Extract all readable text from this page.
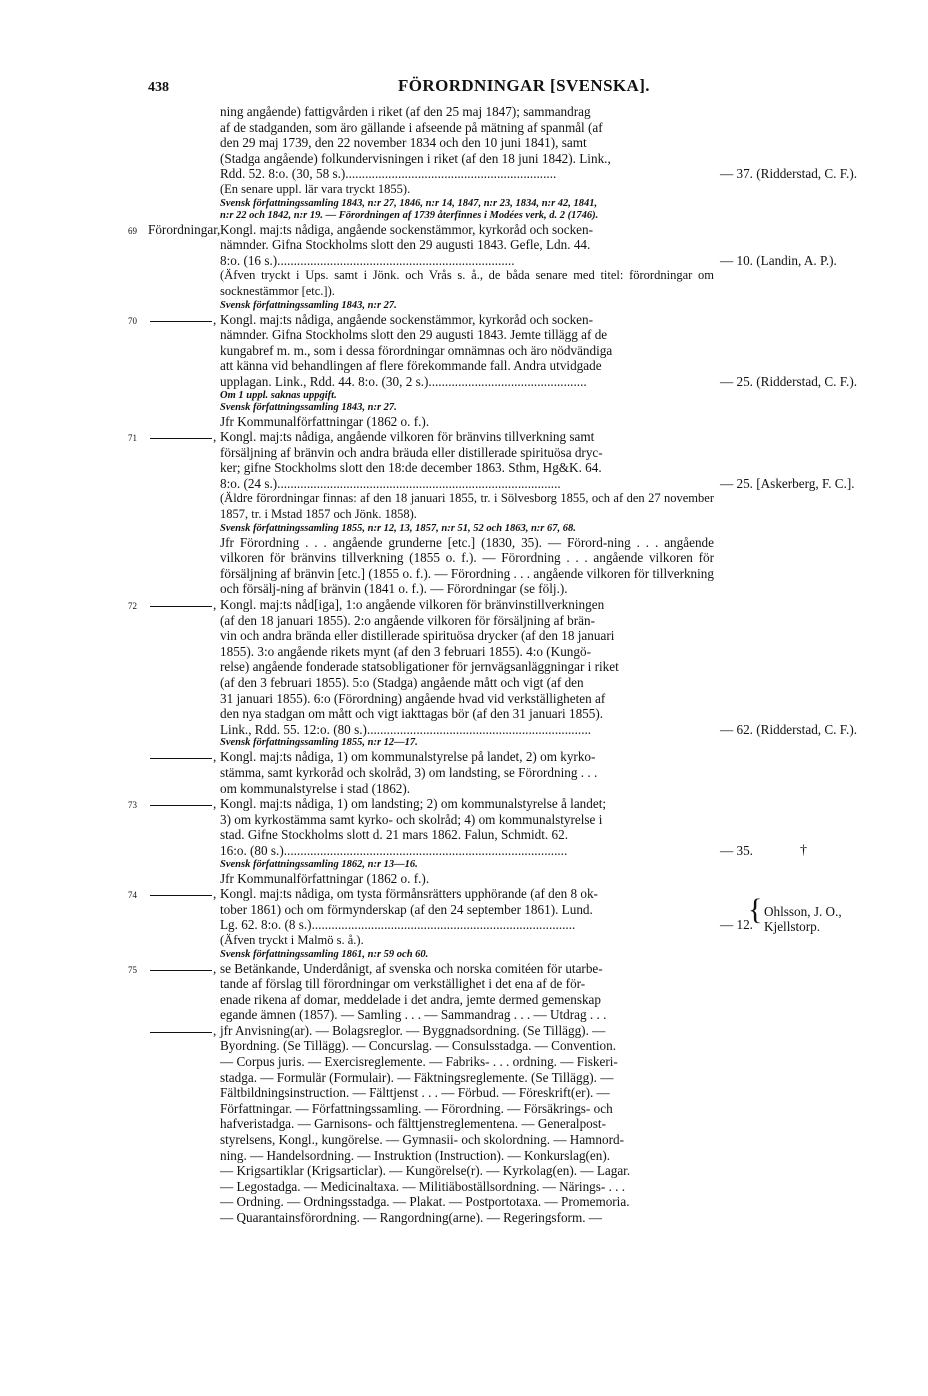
438	FÖRORDNINGAR [SVENSKA].

ning angående) fattigvården i riket (af den 25 maj 1847); sammandrag

af de stadganden, som äro gällande i afseende på mätning af spanmål (af

den 29 maj 1739, den 22 november 1834 och den 10 juni 1841), samt

(Stadga angående) folkundervisningen i riket (af den 18 juni 1842). Link.,

Rdd. 52. 8:o. (30, 58 s.)................................................................

(En senare uppl. lär vara tryckt 1855).

Svensk författningssamling 1843, n:r 27, 1846, n:r 14, 1847, n:r 23, 1834, n:r 42, 1841,

n:r 22 och 1842, n:r 19. — Förordningen af 1739 återfinnes i Modées verk, d. 2 (1746).

— 37. (Ridderstad, C. F.).
69 Förordningar, Kongl. maj:ts nådiga, angående sockenstämmor, kyrkoråd och socken-

nämnder. Gifna Stockholms slott den 29 augusti 1843. Gefle, Ldn. 44.

8:o. (16 s.)........................................................................

(Äfven tryckt i Ups. samt i Jönk. och Vrås s. å., de båda senare med titel: förordningar om socknestämmor [etc.]).

Svensk författningssamling 1843, n:r 27.

— 10. (Landin, A. P.).
70	, Kongl. maj:ts nådiga, angående sockenstämmor, kyrkoråd och socken-

nämnder. Gifna Stockholms slott den 29 augusti 1843. Jemte tillägg af de

kungabref m. m., som i dessa förordningar omnämnas och äro nödvändiga

att känna vid behandlingen af flere förekommande fall. Andra utvidgade

upplagan. Link., Rdd. 44. 8:o. (30, 2 s.)................................................

Om 1 uppl. saknas uppgift.

Svensk författningssamling 1843, n:r 27.

Jfr Kommunalförfattningar (1862 o. f.).

— 25. (Ridderstad, C. F.).
71	, Kongl. maj:ts nådiga, angående vilkoren för bränvins tillverkning samt

försäljning af bränvin och andra bräuda eller distillerade spirituösa dryc-

ker; gifne Stockholms slott den 18:de december 1863. Sthm, Hg&K. 64.

8:o. (24 s.)......................................................................................

(Äldre förordningar finnas: af den 18 januari 1855, tr. i Sölvesborg 1855, och af den 27 november 1857, tr. i Mstad 1857 och Jönk. 1858).

Svensk författningssamling 1855, n:r 12, 13, 1857, n:r 51, 52 och 1863, n:r 67, 68.

Jfr Förordning . . . angående grunderne [etc.] (1830, 35). — Förord-ning . . . angående vilkoren för bränvins tillverkning (1855 o. f.). — Förordning . . . angående vilkoren för försäljning af bränvin [etc.] (1855 o. f.). — Förordning . . . angående vilkoren för tillverkning och försälj-ning af bränvin (1841 o. f.). — Förordningar (se följ.).

— 25. [Askerberg, F. C.].
72	, Kongl. maj:ts nåd[iga], 1:o angående vilkoren för bränvinstillverkningen

(af den 18 januari 1855). 2:o angående vilkoren för försäljning af brän-

vin och andra brända eller distillerade spirituösa drycker (af den 18 januari

1855). 3:o angående rikets mynt (af den 3 februari 1855). 4:o (Kungö-

relse) angående fonderade statsobligationer för jernvägsanläggningar i riket

(af den 3 februari 1855). 5:o (Stadga) angående mått och vigt (af den

31 januari 1855). 6:o (Förordning) angående hvad vid verkställigheten af

den nya stadgan om mått och vigt iakttagas bör (af den 31 januari 1855).

Link., Rdd. 55. 12:o. (80 s.)....................................................................

Svensk författningssamling 1855, n:r 12—17.

— 62. (Ridderstad, C. F.).
, Kongl. maj:ts nådiga, 1) om kommunalstyrelse på landet, 2) om kyrko-

stämma, samt kyrkoråd och skolråd, 3) om landsting, se Förordning . . .

om kommunalstyrelse i stad (1862).

73	, Kongl. maj:ts nådiga, 1) om landsting; 2) om kommunalstyrelse å landet;

3) om kyrkostämma samt kyrko- och skolråd; 4) om kommunalstyrelse i

stad. Gifne Stockholms slott d. 21 mars 1862. Falun, Schmidt. 62.

16:o. (80 s.)......................................................................................

Svensk författningssamling 1862, n:r 13—16.

Jfr Kommunalförfattningar (1862 o. f.).

— 35.	†
74	, Kongl. maj:ts nådiga, om tysta förmånsrätters upphörande (af den 8 ok-

tober 1861) och om förmynderskap (af den 24 september 1861). Lund.

Lg. 62. 8:o. (8 s.)................................................................................

(Äfven tryckt i Malmö s. å.).

Svensk författningssamling 1861, n:r 59 och 60.

— 12.
{ Ohlsson, J. O.,
Kjellstorp.
75	, se Betänkande, Underdånigt, af svenska och norska comitéen för utarbe-

tande af förslag till förordningar om verkställighet i det ena af de för-

enade rikena af domar, meddelade i det andra, jemte dermed gemenskap

egande ämnen (1857). — Samling . . . — Sammandrag . . . — Utdrag . . .

, jfr Anvisning(ar). — Bolagsreglor. — Byggnadsordning. (Se Tillägg). —

Byordning. (Se Tillägg). — Concurslag. — Consulsstadga. — Convention.

— Corpus juris. — Exercisreglemente. — Fabriks- . . . ordning. — Fiskeri-

stadga. — Formulär (Formulair). — Fäktningsreglemente. (Se Tillägg). —

Fältbildningsinstruction. — Fälttjenst . . . — Förbud. — Föreskrift(er). —

Författningar. — Författningssamling. — Förordning. — Försäkrings- och

hafveristadga. — Garnisons- och fälttjenstreglementena. — Generalpost-

styrelsens, Kongl., kungörelse. — Gymnasii- och skolordning. — Hamnord-

ning. — Handelsordning. — Instruktion (Instruction). — Konkurslag(en).

— Krigsartiklar (Krigsarticlar). — Kungörelse(r). — Kyrkolag(en). — Lagar.

— Legostadga. — Medicinaltaxa. — Militiäboställsordning. — Närings- . . .

— Ordning. — Ordningsstadga. — Plakat. — Postportotaxa. — Promemoria.

— Quarantainsförordning. — Rangordning(arne). — Regeringsform. —
